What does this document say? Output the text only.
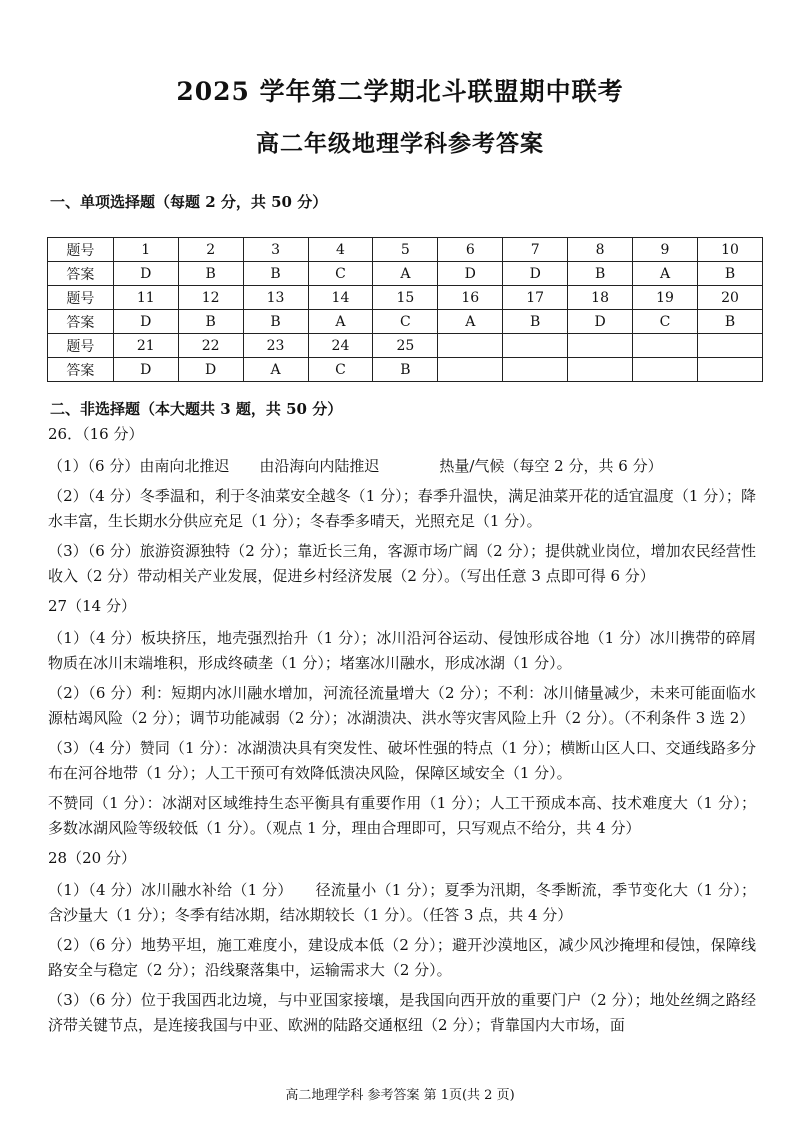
2025 学年第二学期北斗联盟期中联考
高二年级地理学科参考答案
一、单项选择题（每题 2 分，共 50 分）
题号	1	2	3	4	5	6	7	8	9	10
答案	D	B	B	C	A	D	D	B	A	B
题号	11	12	13	14	15	16	17	18	19	20
答案	D	B	B	A	C	A	B	D	C	B
题号	21	22	23	24	25					
答案	D	D	A	C	B					
二、非选择题（本大题共 3 题，共 50 分）

26．（16 分）

（1）（6 分）由南向北推迟　　由沿海向内陆推迟　　　　热量/气候（每空 2 分，共 6 分）

（2）（4 分）冬季温和，利于冬油菜安全越冬（1 分）；春季升温快，满足油菜开花的适宜温度（1 分）；降水丰富，生长期水分供应充足（1 分）；冬春季多晴天，光照充足（1 分）。

（3）（6 分）旅游资源独特（2 分）；靠近长三角，客源市场广阔（2 分）；提供就业岗位，增加农民经营性收入（2 分）带动相关产业发展，促进乡村经济发展（2 分）。（写出任意 3 点即可得 6 分）

27（14 分）

（1）（4 分）板块挤压，地壳强烈抬升（1 分）；冰川沿河谷运动、侵蚀形成谷地（1 分）冰川携带的碎屑物质在冰川末端堆积，形成终碛垄（1 分）；堵塞冰川融水，形成冰湖（1 分）。

（2）（6 分）利：短期内冰川融水增加，河流径流量增大（2 分）；不利：冰川储量减少，未来可能面临水源枯竭风险（2 分）；调节功能减弱（2 分）；冰湖溃决、洪水等灾害风险上升（2 分）。（不利条件 3 选 2）

（3）（4 分）赞同（1 分）：冰湖溃决具有突发性、破坏性强的特点（1 分）；横断山区人口、交通线路多分布在河谷地带（1 分）；人工干预可有效降低溃决风险，保障区域安全（1 分）。

不赞同（1 分）：冰湖对区域维持生态平衡具有重要作用（1 分）；人工干预成本高、技术难度大（1 分）；多数冰湖风险等级较低（1 分）。（观点 1 分，理由合理即可，只写观点不给分，共 4 分）

28（20 分）

（1）（4 分）冰川融水补给（1 分）　　径流量小（1 分）；夏季为汛期，冬季断流，季节变化大（1 分）；含沙量大（1 分）；冬季有结冰期，结冰期较长（1 分）。（任答 3 点，共 4 分）

（2）（6 分）地势平坦，施工难度小，建设成本低（2 分）；避开沙漠地区，减少风沙掩埋和侵蚀，保障线路安全与稳定（2 分）；沿线聚落集中，运输需求大（2 分）。

（3）（6 分）位于我国西北边境，与中亚国家接壤，是我国向西开放的重要门户（2 分）；地处丝绸之路经济带关键节点，是连接我国与中亚、欧洲的陆路交通枢纽（2 分）；背靠国内大市场，面

高二地理学科 参考答案 第 1页(共 2 页)
